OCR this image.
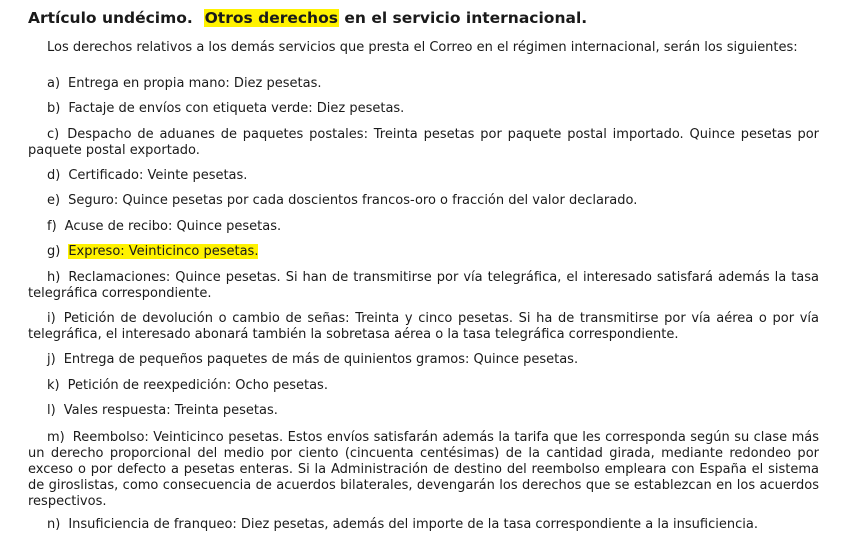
Artículo undécimo. Otros derechos en el servicio internacional.

Los derechos relativos a los demás servicios que presta el Correo en el régimen internacional, serán los siguientes:

a) Entrega en propia mano: Diez pesetas.

b) Factaje de envíos con etiqueta verde: Diez pesetas.

c) Despacho de aduanes de paquetes postales: Treinta pesetas por paquete postal importado. Quince pesetas por paquete postal exportado.

d) Certificado: Veinte pesetas.

e) Seguro: Quince pesetas por cada doscientos francos-oro o fracción del valor declarado.

f) Acuse de recibo: Quince pesetas.

g) Expreso: Veinticinco pesetas.

h) Reclamaciones: Quince pesetas. Si han de transmitirse por vía telegráfica, el interesado satisfará además la tasa telegráfica correspondiente.

i) Petición de devolución o cambio de señas: Treinta y cinco pesetas. Si ha de transmitirse por vía aérea o por vía telegráfica, el interesado abonará también la sobretasa aérea o la tasa telegráfica correspondiente.

j) Entrega de pequeños paquetes de más de quinientos gramos: Quince pesetas.

k) Petición de reexpedición: Ocho pesetas.

l) Vales respuesta: Treinta pesetas.

m) Reembolso: Veinticinco pesetas. Estos envíos satisfarán además la tarifa que les corresponda según su clase más un derecho proporcional del medio por ciento (cincuenta centésimas) de la cantidad girada, mediante redondeo por exceso o por defecto a pesetas enteras. Si la Administración de destino del reembolso empleara con España el sistema de giroslistas, como consecuencia de acuerdos bilaterales, devengarán los derechos que se establezcan en los acuerdos respectivos.

n) Insuficiencia de franqueo: Diez pesetas, además del importe de la tasa correspondiente a la insuficiencia.
